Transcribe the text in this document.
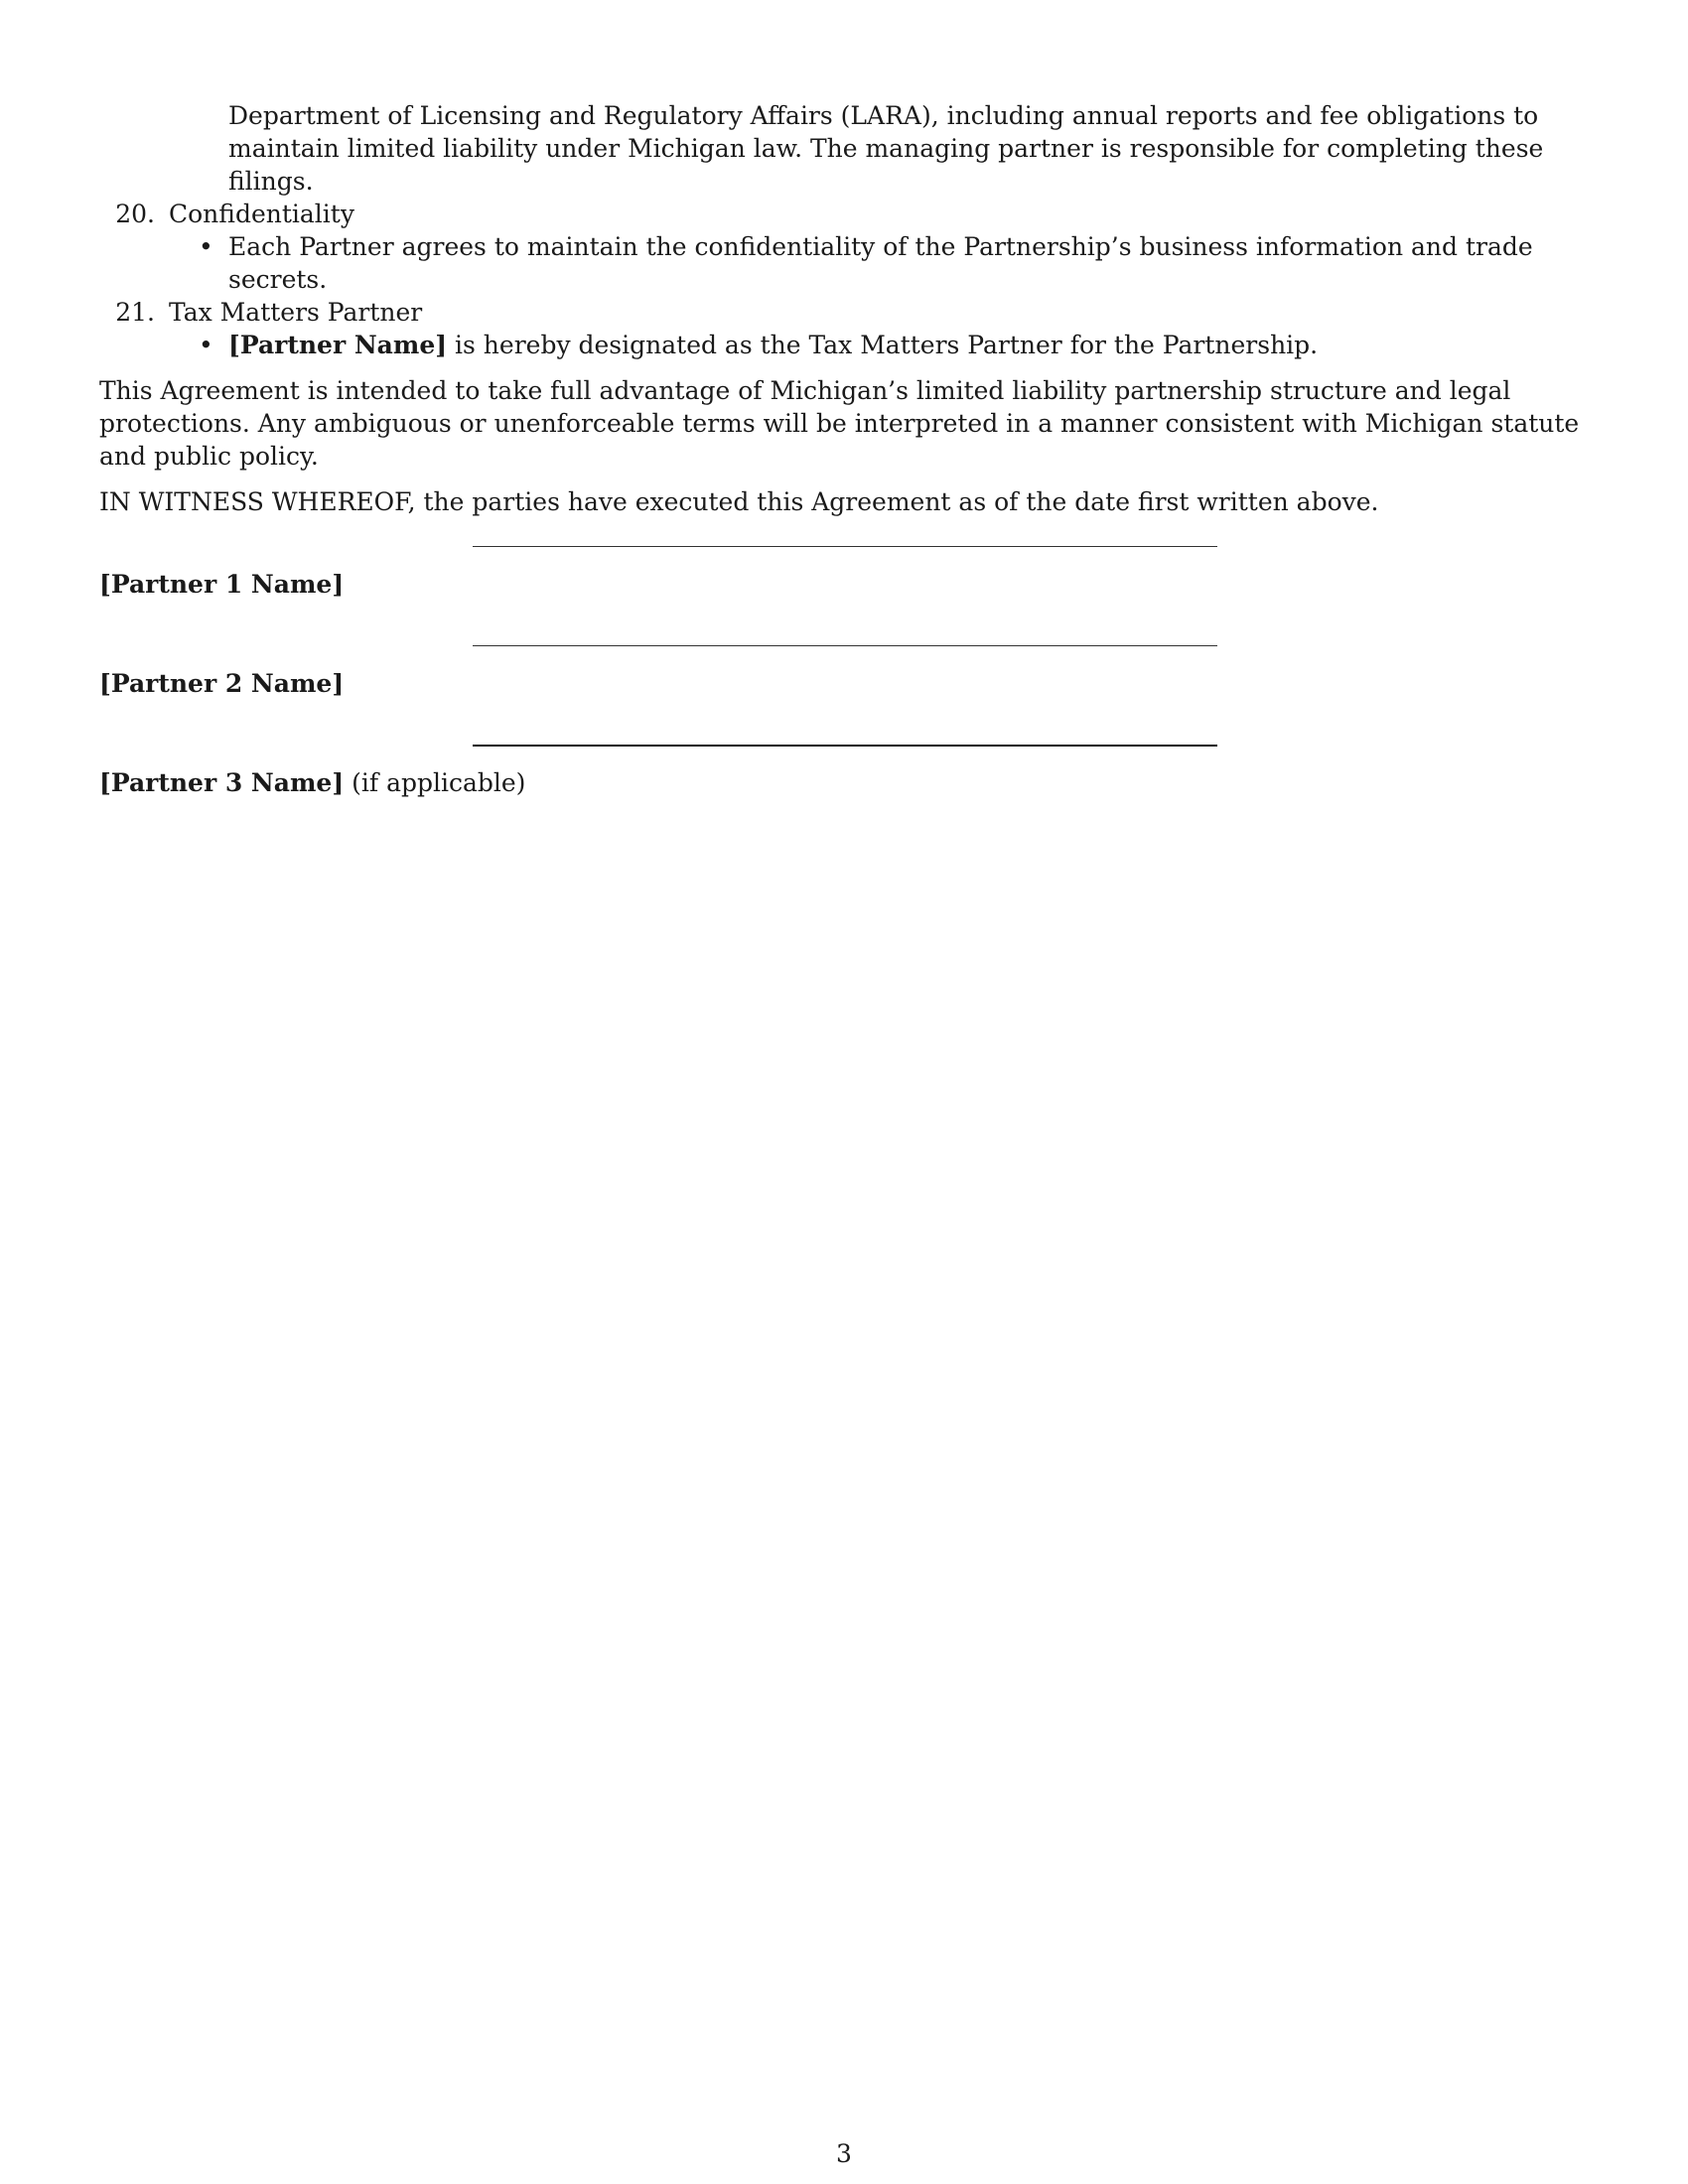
Department of Licensing and Regulatory Affairs (LARA), including annual reports and fee obligations to maintain limited liability under Michigan law. The managing partner is responsible for completing these filings.
20. Confidentiality
• Each Partner agrees to maintain the confidentiality of the Partnership’s business information and trade secrets.
21. Tax Matters Partner
• [Partner Name] is hereby designated as the Tax Matters Partner for the Partnership.
This Agreement is intended to take full advantage of Michigan’s limited liability partnership structure and legal protections. Any ambiguous or unenforceable terms will be interpreted in a manner consistent with Michigan statute and public policy.
IN WITNESS WHEREOF, the parties have executed this Agreement as of the date first written above.
[Partner 1 Name]
[Partner 2 Name]
[Partner 3 Name] (if applicable)
3
